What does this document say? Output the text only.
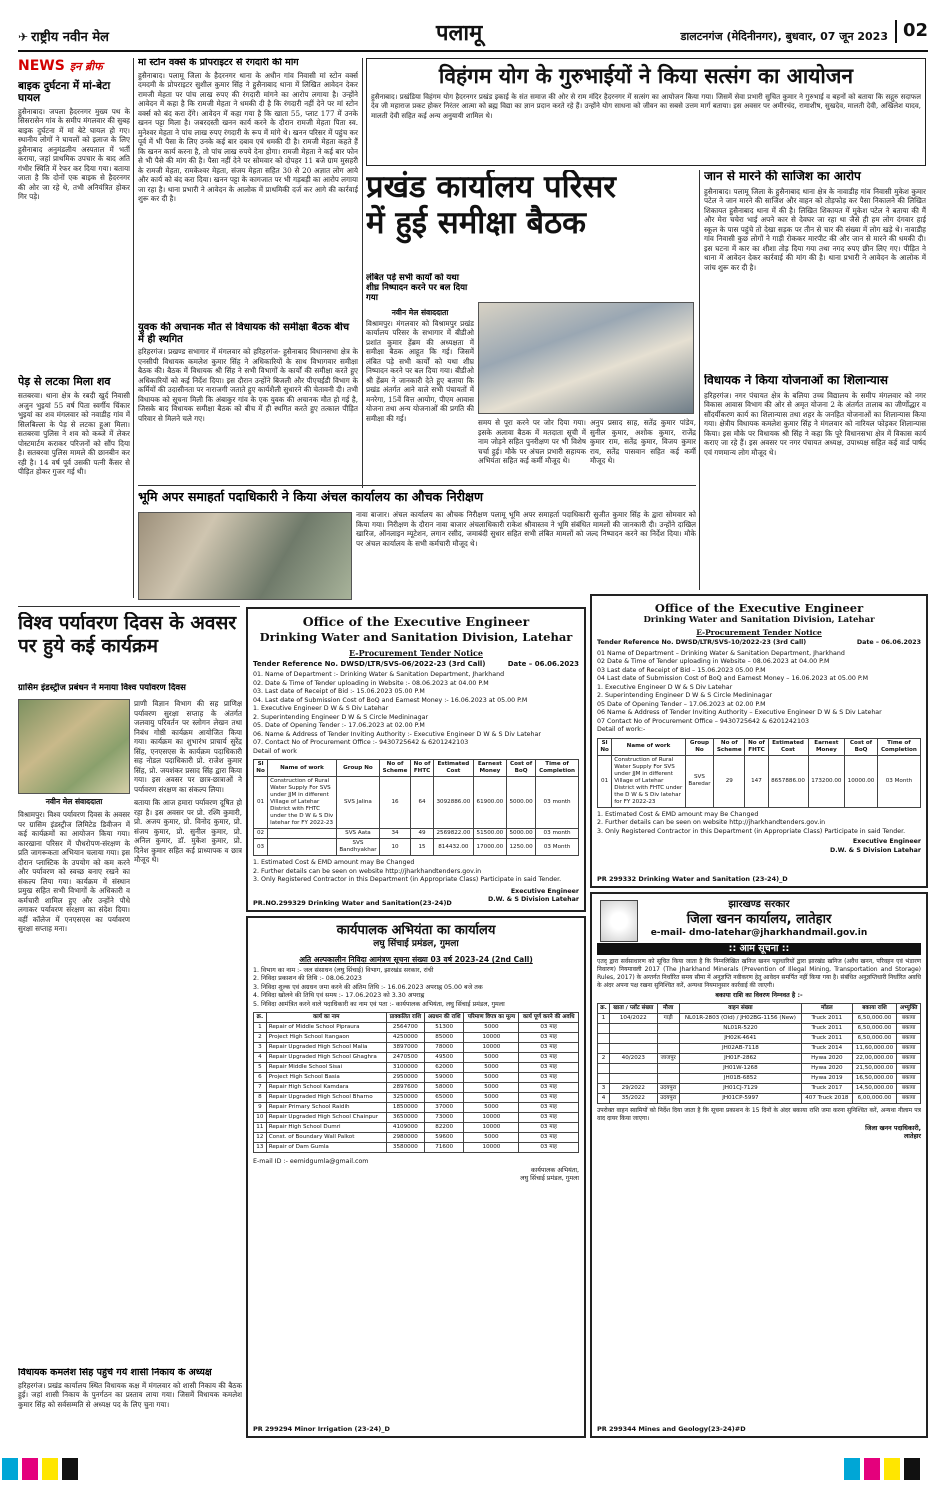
✈ राष्ट्रीय नवीन मेल	पलामू	डालटनगंज (मेदिनीनगर), बुधवार, 07 जून 2023 02
NEWS इन ब्रीफ
बाइक दुर्घटना में मां-बेटा घायल
हुसैनाबाद। जपला हैदरनगर मुख्य पथ के सिसरासेन गांव के समीप मंगलवार की सुबह बाइक दुर्घटना में मां बेटे घायल हो गए। स्थानीय लोगों ने घायलों को इलाज के लिए हुसैनाबाद अनुमंडलीय अस्पताल में भर्ती कराया, जहां प्राथमिक उपचार के बाद अति गंभीर स्थिति में रेफर कर दिया गया। बताया जाता है कि दोनों एक बाइक से हैदरनगर की ओर जा रहे थे, तभी अनियंत्रित होकर गिर पड़े।
पेड़ से लटका मिला शव
सतबरवा। थाना क्षेत्र के रबदी खुर्द निवासी अजुन भुइयां 55 वर्ष पिता स्वर्गीय चिंकार भुइयां का शव मंगलवार को नवाडीह गांव में सिलबिल्ला के पेड़ से लटका हुआ मिला। सतबरवा पुलिस ने शव को कब्जे में लेकर पोस्टमार्टम कराकर परिजनों को सौंप दिया है। सतबरवा पुलिस मामले की छानबीन कर रही है। 14 वर्ष पूर्व उसकी पत्नी कैंसर से पीड़ित होकर गुजर गई थी।
मां स्टोन वर्क्स के प्रोपराइटर से रंगदारी की मांग
हुसैनाबाद। पलामू जिला के हैदरनगर थाना के अधीन गांव निवासी मां स्टोन वर्क्स दमदमी के प्रोपराइटर सुशील कुमार सिंह ने हुसैनाबाद थाना में लिखित आवेदन देकर रामजी मेहता पर पांच लाख रुपए की रंगदारी मांगने का आरोप लगाया है। उन्होंने आवेदन में कहा है कि रामजी मेहता ने धमकी दी है कि रंगदारी नहीं देने पर मां स्टोन वर्क्स को बंद करा देंगे। आवेदन में कहा गया है कि खाता 55, प्लाट 177 में उनके खनन पट्टा मिला है। जबरदस्ती खनन कार्य करने के दौरान रामजी मेहता पिता स्व. मुनेश्वर मेहता ने पांच लाख रुपए रंगदारी के रूप में मांगे थे। खनन परिसर में पहुंच कर पूर्व में भी पैसा के लिए उनके कई बार दबाव एवं धमकी दी है। रामजी मेहता कहते हैं कि खनन कार्य करना है, तो पांच लाख रुपये देना होगा। रामजी मेहता ने कई बार फोन से भी पैसे की मांग की है। पैसा नहीं देने पर सोमवार को दोपहर 11 बजे ग्राम मुसहरी के रामजी मेहता, रामकेश्वर मेहता, संजय मेहता सहित 30 से 20 अज्ञात लोग आये और कार्य को बंद करा दिया। खनन पट्टा के कागजात पर भी गड़बड़ी का आरोप लगाया जा रहा है। थाना प्रभारी ने आवेदन के आलोक में प्राथमिकी दर्ज कर आगे की कार्रवाई शुरू कर दी है।
युवक की अचानक मौत से विधायक की समीक्षा बैठक बीच में ही स्थगित
हरिहरगंज। प्रखण्ड सभागार में मंगलवार को हरिहरगंज- हुसैनाबाद विधानसभा क्षेत्र के एनसीपी विधायक कमलेश कुमार सिंह ने अधिकारियों के साथ विभागवार समीक्षा बैठक की। बैठक में विधायक श्री सिंह ने सभी विभागों के कार्यों की समीक्षा करते हुए अधिकारियों को कई निर्देश दिया। इस दौरान उन्होंने बिजली और पीएचईडी विभाग के कर्मियों की उदासीनता पर नाराजगी जताते हुए कार्यशैली सुधारने की चेतावनी दी। तभी विधायक को सूचना मिली कि अंबाकुर गांव के एक युवक की अचानक मौत हो गई है, जिसके बाद विधायक समीक्षा बैठक को बीच में ही स्थगित करते हुए तत्काल पीड़ित परिवार से मिलने चले गए।
विहंगम योग के गुरुभाईयों ने किया सत्संग का आयोजन
हुसैनाबाद। प्रखंडिया विहंगम योग हैदरनगर प्रखंड इकाई के संत समाज की ओर से राम मंदिर हैदरनगर में सत्संग का आयोजन किया गया। जिसमें सेवा प्रभारी सुचित कुमार ने गुरुभाई व बहनों को बताया कि सद्गुरु सदाफल देव जी महाराज प्रकट होकर निरंतर आत्मा को ब्रह्म विद्या का ज्ञान प्रदान करते रहे हैं। उन्होंने योग साधना को जीवन का सबसे उत्तम मार्ग बताया। इस अवसर पर अमीरचंद, रामाशीष, सुखदेव, मालती देवी, अखिलेश यादव, मालती देवी सहित कई अन्य अनुयायी शामिल थे।
प्रखंड कार्यालय परिसर
में हुई समीक्षा बैठक
लंबित पड़े सभी कार्यों को यथा शीघ्र निष्पादन करने पर बल दिया गया
नवीन मेल संवाददाता
विश्रामपुर। मंगलवार को विश्रामपुर प्रखंड कार्यालय परिसर के सभागार में बीडीओ प्रशांत कुमार हेंब्रम की अध्यक्षता में समीक्षा बैठक आहूत कि गई। जिसमें लंबित पड़े सभी कार्यों को यथा शीघ्र निष्पादन करने पर बल दिया गया। बीडीओ श्री हेंब्रम ने जानकारी देते हुए बताया कि प्रखंड अंतर्गत आने वाले सभी पंचायतों में मनरेगा, 15वें वित्त आयोग, पीएम आवास योजना तथा अन्य योजनाओं की प्रगति की समीक्षा की गई।	समय से पूरा करने पर जोर दिया गया। इसके अलावा बैठक में मतदाता सूची में नाम जोड़ने सहित पुनरीक्षण पर भी विशेष चर्चा हुई। मौके पर अंचल प्रभारी सहायक अभियंता सहित कई कर्मी मौजूद थे।
अनुप प्रसाद साह, सतेंद्र कुमार पांडेय, सुनील कुमार, अशोक कुमार, राजेंद्र कुमार राम, सतेंद्र कुमार, विजय कुमार राय, सतेंद्र पासवान सहित कई कर्मी मौजूद थे।
जान से मारने की साजिश का आरोप
हुसैनाबाद। पलामू जिला के हुसैनाबाद थाना क्षेत्र के नावाडीह गांव निवासी मुकेश कुमार पटेल ने जान मारने की साजिश और वाहन को तोड़फोड़ कर पैसा निकालने की लिखित शिकायत हुसैनाबाद थाना में की है। लिखित शिकायत में मुकेश पटेल ने बताया की मैं और मेरा चचेरा भाई अपने कार से देवघर जा रहा था जैसे ही हम लोग दंगवार हाई स्कूल के पास पहुंचे तो देखा सड़क पर तीन से चार की संख्या में लोग खड़े थे। नावाडीह गांव निवासी कुछ लोगों ने गाड़ी रोककर मारपीट की और जान से मारने की धमकी दी। इस घटना में कार का शीशा तोड़ दिया गया तथा नगद रुपए छीन लिए गए। पीड़ित ने थाना में आवेदन देकर कार्रवाई की मांग की है। थाना प्रभारी ने आवेदन के आलोक में जांच शुरू कर दी है।
विधायक ने किया योजनाओं का शिलान्यास
हरिहरगंज। नगर पंचायत क्षेत्र के बलिया उच्च विद्यालय के समीप मंगलवार को नगर विकास आवास विभाग की ओर से अमृत योजना 2 के अंतर्गत तालाब का जीर्णोद्धार व सौंदर्यीकरण कार्य का शिलान्यास तथा शहर के जनहित योजनाओं का शिलान्यास किया गया। क्षेत्रीय विधायक कमलेश कुमार सिंह ने मंगलवार को नारियल फोड़कर शिलान्यास किया। इस मौके पर विधायक श्री सिंह ने कहा कि पूरे विधानसभा क्षेत्र में विकास कार्य कराए जा रहे हैं। इस अवसर पर नगर पंचायत अध्यक्ष, उपाध्यक्ष सहित कई वार्ड पार्षद एवं गणमान्य लोग मौजूद थे।
भूमि अपर समाहर्ता पदाधिकारी ने किया अंचल कार्यालय का औचक निरीक्षण
नावा बाजार। अंचल कार्यालय का औचक निरीक्षण पलामू भूमि अपर समाहर्ता पदाधिकारी सुजीत कुमार सिंह के द्वारा सोमवार को किया गया। निरीक्षण के दौरान नावा बाजार अंचलाधिकारी राकेश श्रीवास्तव ने भूमि संबंधित मामलों की जानकारी दी। उन्होंने दाखिल खारिज, ऑनलाइन म्यूटेशन, लगान रसीद, जमाबंदी सुधार सहित सभी लंबित मामलों को जल्द निष्पादन करने का निर्देश दिया। मौके पर अंचल कार्यालय के सभी कर्मचारी मौजूद थे।
विश्व पर्यावरण दिवस के अवसर पर हुये कई कार्यक्रम
ग्रासिम इंडस्ट्रीज प्रबंधन ने मनाया विश्व पर्यावरण दिवस
नवीन मेल संवाददाता
विश्रामपुर। विश्व पर्यावरण दिवस के अवसर पर ग्रासिम इंडस्ट्रीज लिमिटेड डिवीजन में कई कार्यक्रमों का आयोजन किया गया। कारखाना परिसर में पौधरोपण-संरक्षण के प्रति जागरूकता अभियान चलाया गया। इस दौरान प्लास्टिक के उपयोग को कम करने और पर्यावरण को स्वच्छ बनाए रखने का संकल्प लिया गया। कार्यक्रम में संस्थान प्रमुख सहित सभी विभागों के अधिकारी व कर्मचारी शामिल हुए और उन्होंने पौधे लगाकर पर्यावरण संरक्षण का संदेश दिया। वहीं कॉलेज में एनएसएस का पर्यावरण सुरक्षा सप्ताह मना।
प्राणी विज्ञान विभाग की सह प्राणिक्ष पर्यावरण सुरक्षा सप्ताह के अंतर्गत जलवायु परिवर्तन पर स्लोगन लेखन तथा निबंध गोष्ठी कार्यक्रम आयोजित किया गया। कार्यक्रम का शुभारंभ प्राचार्य सुरेंद्र सिंह, एनएसएस के कार्यक्रम पदाधिकारी सह नोडल पदाधिकारी प्रो. राजेश कुमार सिंह, प्रो. जयशंकर प्रसाद सिंह द्वारा किया गया। इस अवसर पर छात्र-छात्राओं ने पर्यावरण संरक्षण का संकल्प लिया।
बताया कि आज हमारा पर्यावरण दूषित हो रहा है। इस अवसर पर प्रो. रश्मि कुमारी, प्रो. अजय कुमार, प्रो. विनोद कुमार, प्रो. संजय कुमार, प्रो. सुनील कुमार, प्रो. अनिल कुमार, डॉ. मुकेश कुमार, प्रो. दिनेश कुमार सहित कई प्राध्यापक व छात्र मौजूद थे।
विधायक कमलेश सिंह पहुंचे गये शासी निकाय के अध्यक्ष
हरिहरगंज। प्रखंड कार्यालय स्थित विधायक कक्ष में मंगलवार को शासी निकाय की बैठक हुई। जहां शासी निकाय के पुनर्गठन का प्रस्ताव लाया गया। जिसमें विधायक कमलेश कुमार सिंह को सर्वसम्मति से अध्यक्ष पद के लिए चुना गया।
Office of the Executive Engineer
Drinking Water and Sanitation Division, Latehar
E-Procurement Tender Notice
Tender Reference No. DWSD/LTR/SVS-06/2022-23 (3rd Call)	Date – 06.06.2023
01. Name of Department :- Drinking Water & Sanitation Department, Jharkhand
02. Date & Time of Tender uploading in Website :- 08.06.2023 at 04.00 P.M
03. Last date of Receipt of Bid :- 15.06.2023 05.00 P.M
04. Last date of Submission Cost of BoQ and Earnest Money :- 16.06.2023 at 05.00 P.M
1. Executive Engineer D W & S Div Latehar
2. Superintending Engineer D W & S Circle Medininagar
05. Date of Opening Tender :- 17.06.2023 at 02.00 P.M
06. Name & Address of Tender Inviting Authority :- Executive Engineer D W & S Div Latehar
07. Contact No of Procurement Office :- 9430725642 & 6201242103
Detail of work
Sl No	Name of work	Group No	No of Scheme	No of FHTC	Estimated Cost	Earnest Money	Cost of BoQ	Time of Completion
01	Construction of Rural Water Supply For SVS under JJM in different Village of Latehar District with FHTC under the D W & S Div latehar for FY 2022-23	SVS Jalina	16	64	3092886.00	61900.00	5000.00	03 month
02		SVS Aata	34	49	2569822.00	51500.00	5000.00	03 month
03		SVS Bandhyakhar	10	15	814432.00	17000.00	1250.00	03 Month
1. Estimated Cost & EMD amount may Be Changed
2. Further details can be seen on website http://jharkhandtenders.gov.in
3. Only Registered Contractor in this Department (in Appropriate Class) Participate in said Tender.
Executive Engineer
D.W. & S Division Latehar
PR.NO.299329 Drinking Water and Sanitation(23-24)D
Office of the Executive Engineer
Drinking Water and Sanitation Division, Latehar
E-Procurement Tender Notice
Tender Reference No. DWSD/LTR/SVS-10/2022-23 (3rd Call)	Date – 06.06.2023
01 Name of Department – Drinking Water & Sanitation Department, Jharkhand
02 Date & Time of Tender uploading in Website – 08.06.2023 at 04.00 P.M
03 Last date of Receipt of Bid – 15.06.2023 05.00 P.M
04 Last date of Submission Cost of BoQ and Earnest Money – 16.06.2023 at 05.00 P.M
1. Executive Engineer D W & S Div Latehar
2. Superintending Engineer D W & S Circle Medininagar
05 Date of Opening Tender – 17.06.2023 at 02.00 P.M
06 Name & Address of Tender Inviting Authority – Executive Engineer D W & S Div Latehar
07 Contact No of Procurement Office – 9430725642 & 6201242103
Detail of work:-
Sl No	Name of work	Group No	No of Scheme	No of FHTC	Estimated Cost	Earnest Money	Cost of BoQ	Time of Completion
01	Construction of Rural Water Supply For SVS under JJM in different Village of Latehar District with FHTC under the D W & S Div latehar for FY 2022-23	SVS Baredar	29	147	8657886.00	173200.00	10000.00	03 Month
1. Estimated Cost & EMD amount may Be Changed
2. Further details can be seen on website http://jharkhandtenders.gov.in
3. Only Registered Contractor in this Department (in Appropriate Class) Participate in said Tender.
Executive Engineer
D.W. & S Division Latehar
PR 299332 Drinking Water and Sanitation (23-24)_D
कार्यपालक अभियंता का कार्यालय
लघु सिंचाई प्रमंडल, गुमला
अति अल्पकालीन निविदा आमंत्रण सूचना संख्या 03 वर्ष 2023-24 (2nd Call)
1. विभाग का नाम :- जल संसाधन (लघु सिंचाई) विभाग, झारखंड सरकार, रांची
2. निविदा प्रकाशन की तिथि :- 08.06.2023
3. निविदा शुल्क एवं अग्रधन जमा करने की अंतिम तिथि :- 16.06.2023 अपराह्न 05.00 बजे तक
4. निविदा खोलने की तिथि एवं समय :- 17.06.2023 को 3.30 अपराह्न
5. निविदा आमंत्रित करने वाले पदाधिकारी का नाम एवं पता :- कार्यपालक अभियंता, लघु सिंचाई प्रमंडल, गुमला
क्र.	कार्य का नाम	प्राक्कलित राशि	अग्रधन की राशि	परिमाण विपत्र का मूल्य	कार्य पूर्ण करने की अवधि
1	Repair of Middle School Pipraura	2564700	51300	5000	03 माह
2	Project High School Itangaon	4250000	85000	10000	03 माह
3	Repair Upgraded High School Malia	3897000	78000	10000	03 माह
4	Repair Upgraded High School Ghaghra	2470500	49500	5000	03 माह
5	Repair Middle School Sisai	3100000	62000	5000	03 माह
6	Project High School Basia	2950000	59000	5000	03 माह
7	Repair High School Kamdara	2897600	58000	5000	03 माह
8	Repair Upgraded High School Bharno	3250000	65000	5000	03 माह
9	Repair Primary School Raidih	1850000	37000	5000	03 माह
10	Repair Upgraded High School Chainpur	3650000	73000	10000	03 माह
11	Repair High School Dumri	4109000	82200	10000	03 माह
12	Const. of Boundary Wall Palkot	2980000	59600	5000	03 माह
13	Repair of Dam Gumla	3580000	71600	10000	03 माह
E-mail ID :- eemidgumla@gmail.com
कार्यपालक अभियंता,
लघु सिंचाई प्रमंडल, गुमला
PR 299294 Minor Irrigation (23-24)_D
झारखण्ड सरकार
जिला खनन कार्यालय, लातेहार
e-mail- dmo-latehar@jharkhandmail.gov.in
:: आम सूचना ::
एतद् द्वारा सर्वसाधारण को सूचित किया जाता है कि निम्नलिखित खनिज खनन पट्टाधारियों द्वारा झारखंड खनिज (अवैध खनन, परिवहन एवं भंडारण निवारण) नियमावली 2017 (The Jharkhand Minerals (Prevention of Illegal Mining, Transportation and Storage) Rules, 2017) के अन्तर्गत निर्धारित समय सीमा में अनुज्ञप्ति नवीकरण हेतु आवेदन समर्पित नहीं किया गया है। संबंधित अनुज्ञप्तिधारी निर्धारित अवधि के अंदर अपना पक्ष रखना सुनिश्चित करें, अन्यथा नियमानुसार कार्रवाई की जाएगी।
बकाया राशि का विवरण निम्नवत है :-
क्र.	खाता / प्लॉट संख्या	मौजा	वाहन संख्या	मॉडल	बकाया राशि	अभ्युक्ति
1	104/2022	गाड़ी	NL01R-2803 (Old) / JH02BG-1156 (New)	Truck 2011	6,50,000.00	बकाया
			NL01R-5220	Truck 2011	6,50,000.00	बकाया
			JH02K-4641	Truck 2011	6,50,000.00	बकाया
			JH02AB-7118	Truck 2014	11,60,000.00	बकाया
2	40/2023	जाजपुर	JH01F-2862	Hywa 2020	22,00,000.00	बकाया
			JH01W-1268	Hywa 2020	21,50,000.00	बकाया
			JH01B-6852	Hywa 2019	16,50,000.00	बकाया
3	29/2022	उदयपुरा	JH01CJ-7129	Truck 2017	14,50,000.00	बकाया
4	35/2022	उदयपुरा	JH01CP-5997	407 Truck 2018	6,00,000.00	बकाया
उपरोक्त वाहन स्वामियों को निर्देश दिया जाता है कि सूचना प्रकाशन के 15 दिनों के अंदर बकाया राशि जमा करना सुनिश्चित करें, अन्यथा नीलाम पत्र वाद दायर किया जाएगा।
जिला खनन पदाधिकारी,
लातेहार
PR 299344 Mines and Geology(23-24)#D
